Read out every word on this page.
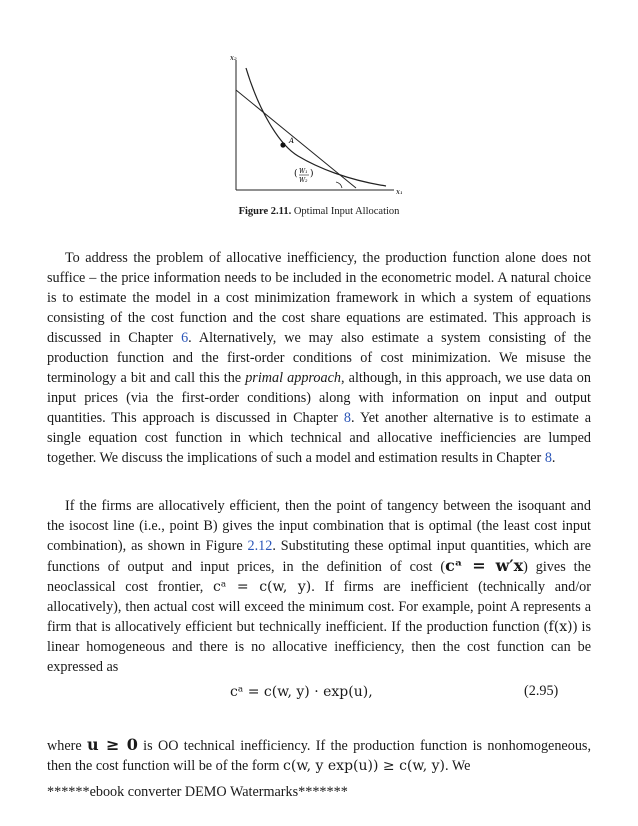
x₂
x₁
A
( W₁
W₂
)
Figure 2.11. Optimal Input Allocation
To address the problem of allocative inefficiency, the production function alone does not suffice – the price information needs to be included in the econometric model. A natural choice is to estimate the model in a cost minimization framework in which a system of equations consisting of the cost function and the cost share equations are estimated. This approach is discussed in Chapter 6. Alternatively, we may also estimate a system consisting of the production function and the first-order conditions of cost minimization. We misuse the terminology a bit and call this the primal approach, although, in this approach, we use data on input prices (via the first-order conditions) along with information on input and output quantities. This approach is discussed in Chapter 8. Yet another alternative is to estimate a single equation cost function in which technical and allocative inefficiencies are lumped together. We discuss the implications of such a model and estimation results in Chapter 8.
If the firms are allocatively efficient, then the point of tangency between the isoquant and the isocost line (i.e., point B) gives the input combination that is optimal (the least cost input combination), as shown in Figure 2.12. Substituting these optimal input quantities, which are functions of output and input prices, in the definition of cost (cᵃ = w′x) gives the neoclassical cost frontier, cᵃ = c(w, y). If firms are inefficient (technically and/or allocatively), then actual cost will exceed the minimum cost. For example, point A represents a firm that is allocatively efficient but technically inefficient. If the production function (f(x)) is linear homogeneous and there is no allocative inefficiency, then the cost function can be expressed as
cᵃ = c(w, y) · exp(u),	(2.95)
where u ≥ 0 is OO technical inefficiency. If the production function is nonhomogeneous, then the cost function will be of the form c(w, y exp(u)) ≥ c(w, y). We
******ebook converter DEMO Watermarks*******
